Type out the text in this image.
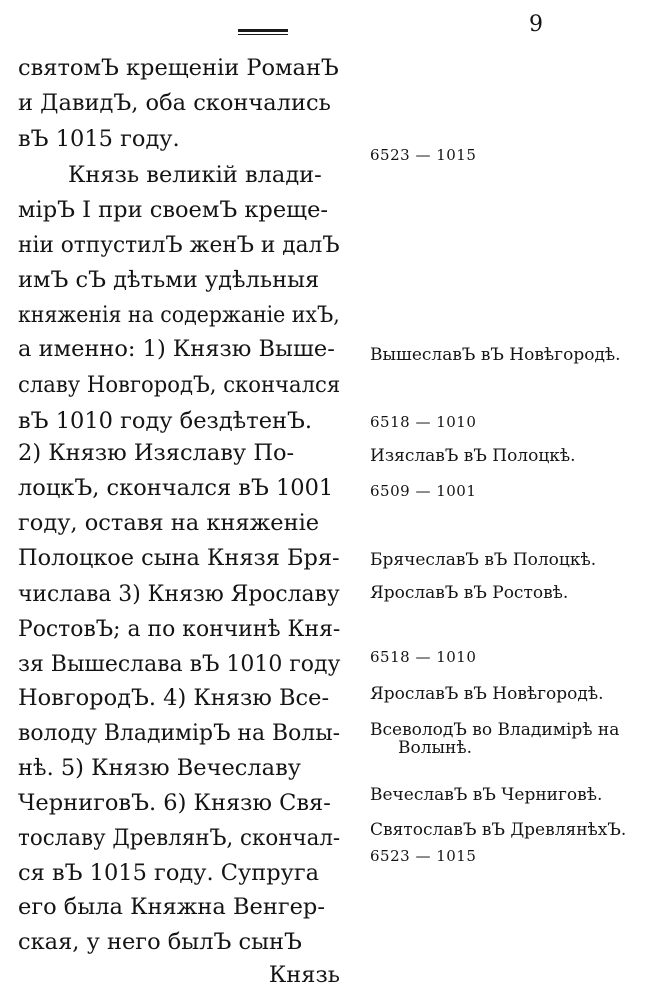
9
святомЪ крещеніи РоманЪ
и ДавидЪ, оба скончались
вЪ 1015 году.
Князь великій влади-
мірЪ I при своемЪ креще-
ніи отпустилЪ женЪ и далЪ
имЪ сЪ дѣтьми удѣльныя
княженія на содержаніе ихЪ,
а именно: 1) Князю Выше-
славу НовгородЪ, скончался
вЪ 1010 году бездѣтенЪ.
2) Князю Изяславу По-
лоцкЪ, скончался вЪ 1001
году, оставя на княженіе
Полоцкое сына Князя Бря-
числава 3) Князю Ярославу
РостовЪ; а по кончинѣ Кня-
зя Вышеслава вЪ 1010 году
НовгородЪ. 4) Князю Все-
володу ВладимірЪ на Волы-
нѣ. 5) Князю Вечеславу
ЧерниговЪ. 6) Князю Свя-
тославу ДревлянЪ, скончал-
ся вЪ 1015 году. Супруга
его была Княжна Венгер-
ская, у него былЪ сынЪ
Князь
6523 — 1015
ВышеславЪ вЪ Новѣгородѣ.
6518 — 1010
ИзяславЪ вЪ Полоцкѣ.
6509 — 1001
БрячеславЪ вЪ Полоцкѣ.
ЯрославЪ вЪ Ростовѣ.
6518 — 1010
ЯрославЪ вЪ Новѣгородѣ.
ВсеволодЪ во Владимірѣ на
Волынѣ.
ВечеславЪ вЪ Черниговѣ.
СвятославЪ вЪ ДревлянѣхЪ.
6523 — 1015
